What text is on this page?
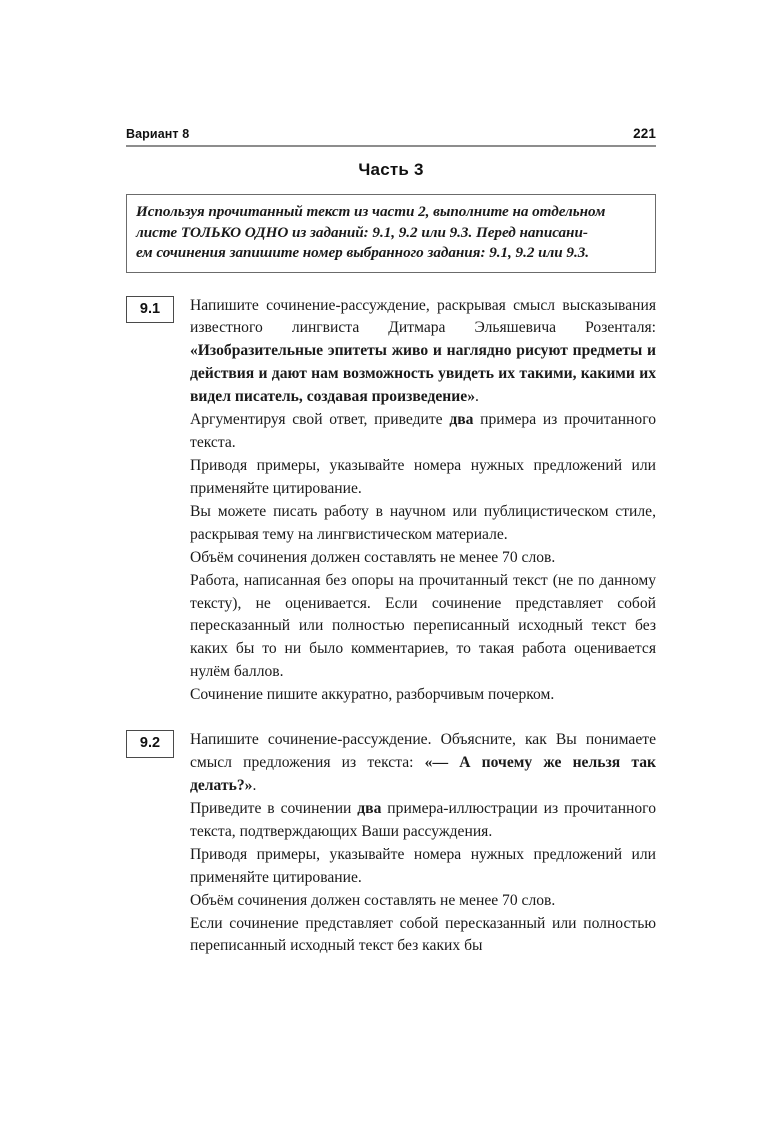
Вариант 8	221
Часть 3

Используя прочитанный текст из части 2, выполните на отдельном

листе ТОЛЬКО ОДНО из заданий: 9.1, 9.2 или 9.3. Перед написани-

ем сочинения запишите номер выбранного задания: 9.1, 9.2 или 9.3.

9.1	Напишите сочинение-рассуждение, раскрывая смысл высказывания известного лингвиста Дитмара Эльяшевича Розенталя: «Изобразительные эпитеты живо и наглядно рисуют предметы и действия и дают нам возможность увидеть их такими, какими их видел писатель, создавая произведение».

Аргументируя свой ответ, приведите два примера из прочитанного текста.

Приводя примеры, указывайте номера нужных предложений или применяйте цитирование.

Вы можете писать работу в научном или публицистическом стиле, раскрывая тему на лингвистическом материале.

Объём сочинения должен составлять не менее 70 слов.

Работа, написанная без опоры на прочитанный текст (не по данному тексту), не оценивается. Если сочинение представляет собой пересказанный или полностью переписанный исходный текст без каких бы то ни было комментариев, то такая работа оценивается нулём баллов.

Сочинение пишите аккуратно, разборчивым почерком.

9.2	Напишите сочинение-рассуждение. Объясните, как Вы понимаете смысл предложения из текста: «— А почему же нельзя так делать?».

Приведите в сочинении два примера-иллюстрации из прочитанного текста, подтверждающих Ваши рассуждения.

Приводя примеры, указывайте номера нужных предложений или применяйте цитирование.

Объём сочинения должен составлять не менее 70 слов.

Если сочинение представляет собой пересказанный или полностью переписанный исходный текст без каких бы
